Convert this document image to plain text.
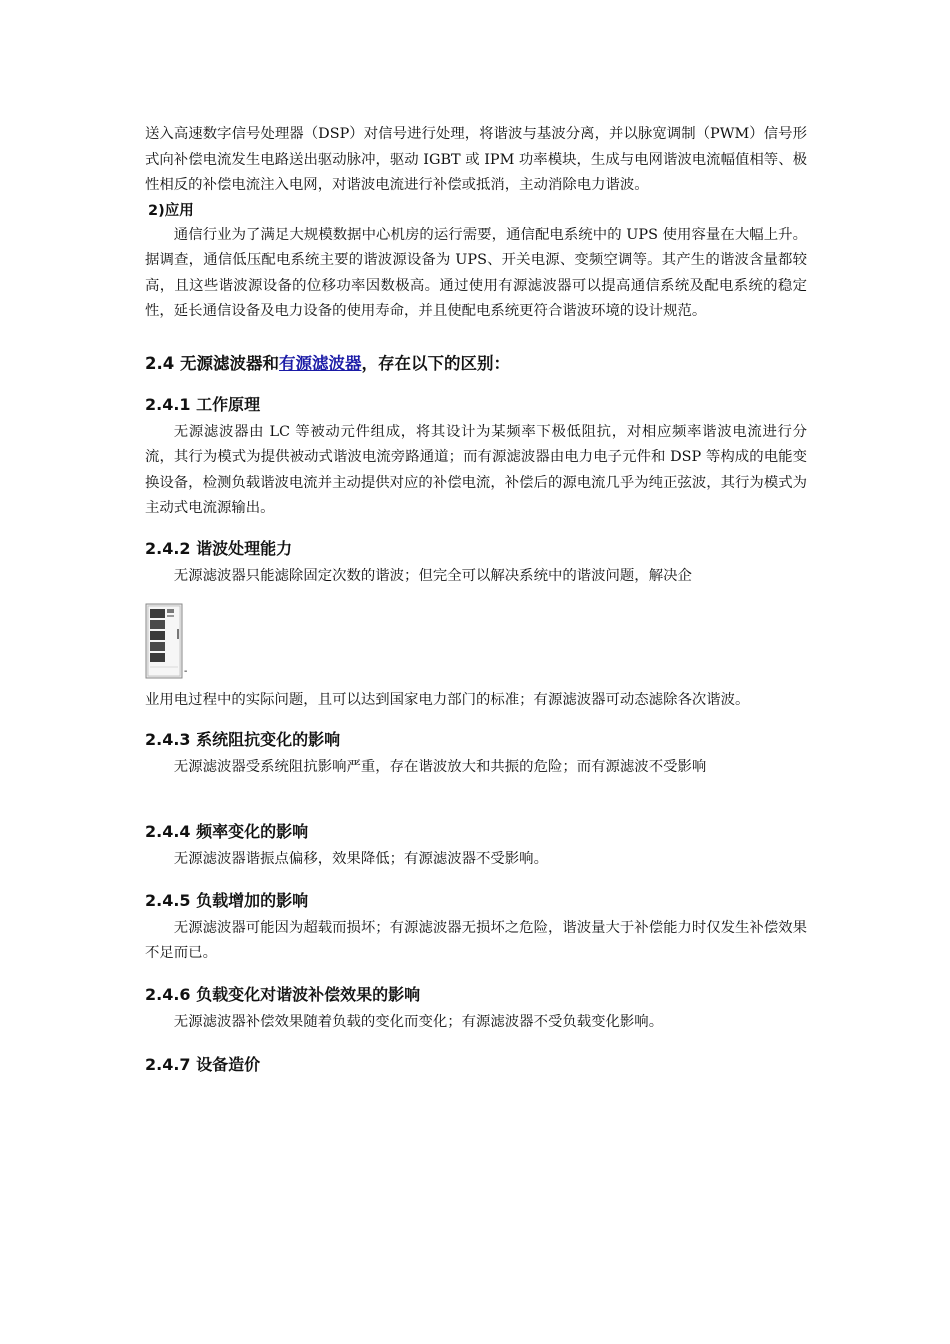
送入高速数字信号处理器（DSP）对信号进行处理，将谐波与基波分离，并以脉宽调制（PWM）信号形式向补偿电流发生电路送出驱动脉冲，驱动 IGBT 或 IPM 功率模块，生成与电网谐波电流幅值相等、极性相反的补偿电流注入电网，对谐波电流进行补偿或抵消，主动消除电力谐波。

2)应用

通信行业为了满足大规模数据中心机房的运行需要，通信配电系统中的 UPS 使用容量在大幅上升。据调查，通信低压配电系统主要的谐波源设备为 UPS、开关电源、变频空调等。其产生的谐波含量都较高，且这些谐波源设备的位移功率因数极高。通过使用有源滤波器可以提高通信系统及配电系统的稳定性，延长通信设备及电力设备的使用寿命，并且使配电系统更符合谐波环境的设计规范。

2.4 无源滤波器和有源滤波器，存在以下的区别：
2.4.1 工作原理

无源滤波器由 LC 等被动元件组成，将其设计为某频率下极低阻抗，对相应频率谐波电流进行分流，其行为模式为提供被动式谐波电流旁路通道；而有源滤波器由电力电子元件和 DSP 等构成的电能变换设备，检测负载谐波电流并主动提供对应的补偿电流，补偿后的源电流几乎为纯正弦波，其行为模式为主动式电流源输出。

2.4.2 谐波处理能力

无源滤波器只能滤除固定次数的谐波；但完全可以解决系统中的谐波问题，解决企

-

业用电过程中的实际问题，且可以达到国家电力部门的标准；有源滤波器可动态滤除各次谐波。

2.4.3 系统阻抗变化的影响

无源滤波器受系统阻抗影响严重，存在谐波放大和共振的危险；而有源滤波不受影响

2.4.4 频率变化的影响

无源滤波器谐振点偏移，效果降低；有源滤波器不受影响。

2.4.5 负载增加的影响

无源滤波器可能因为超载而损坏；有源滤波器无损坏之危险，谐波量大于补偿能力时仅发生补偿效果不足而已。

2.4.6 负载变化对谐波补偿效果的影响

无源滤波器补偿效果随着负载的变化而变化；有源滤波器不受负载变化影响。

2.4.7 设备造价
